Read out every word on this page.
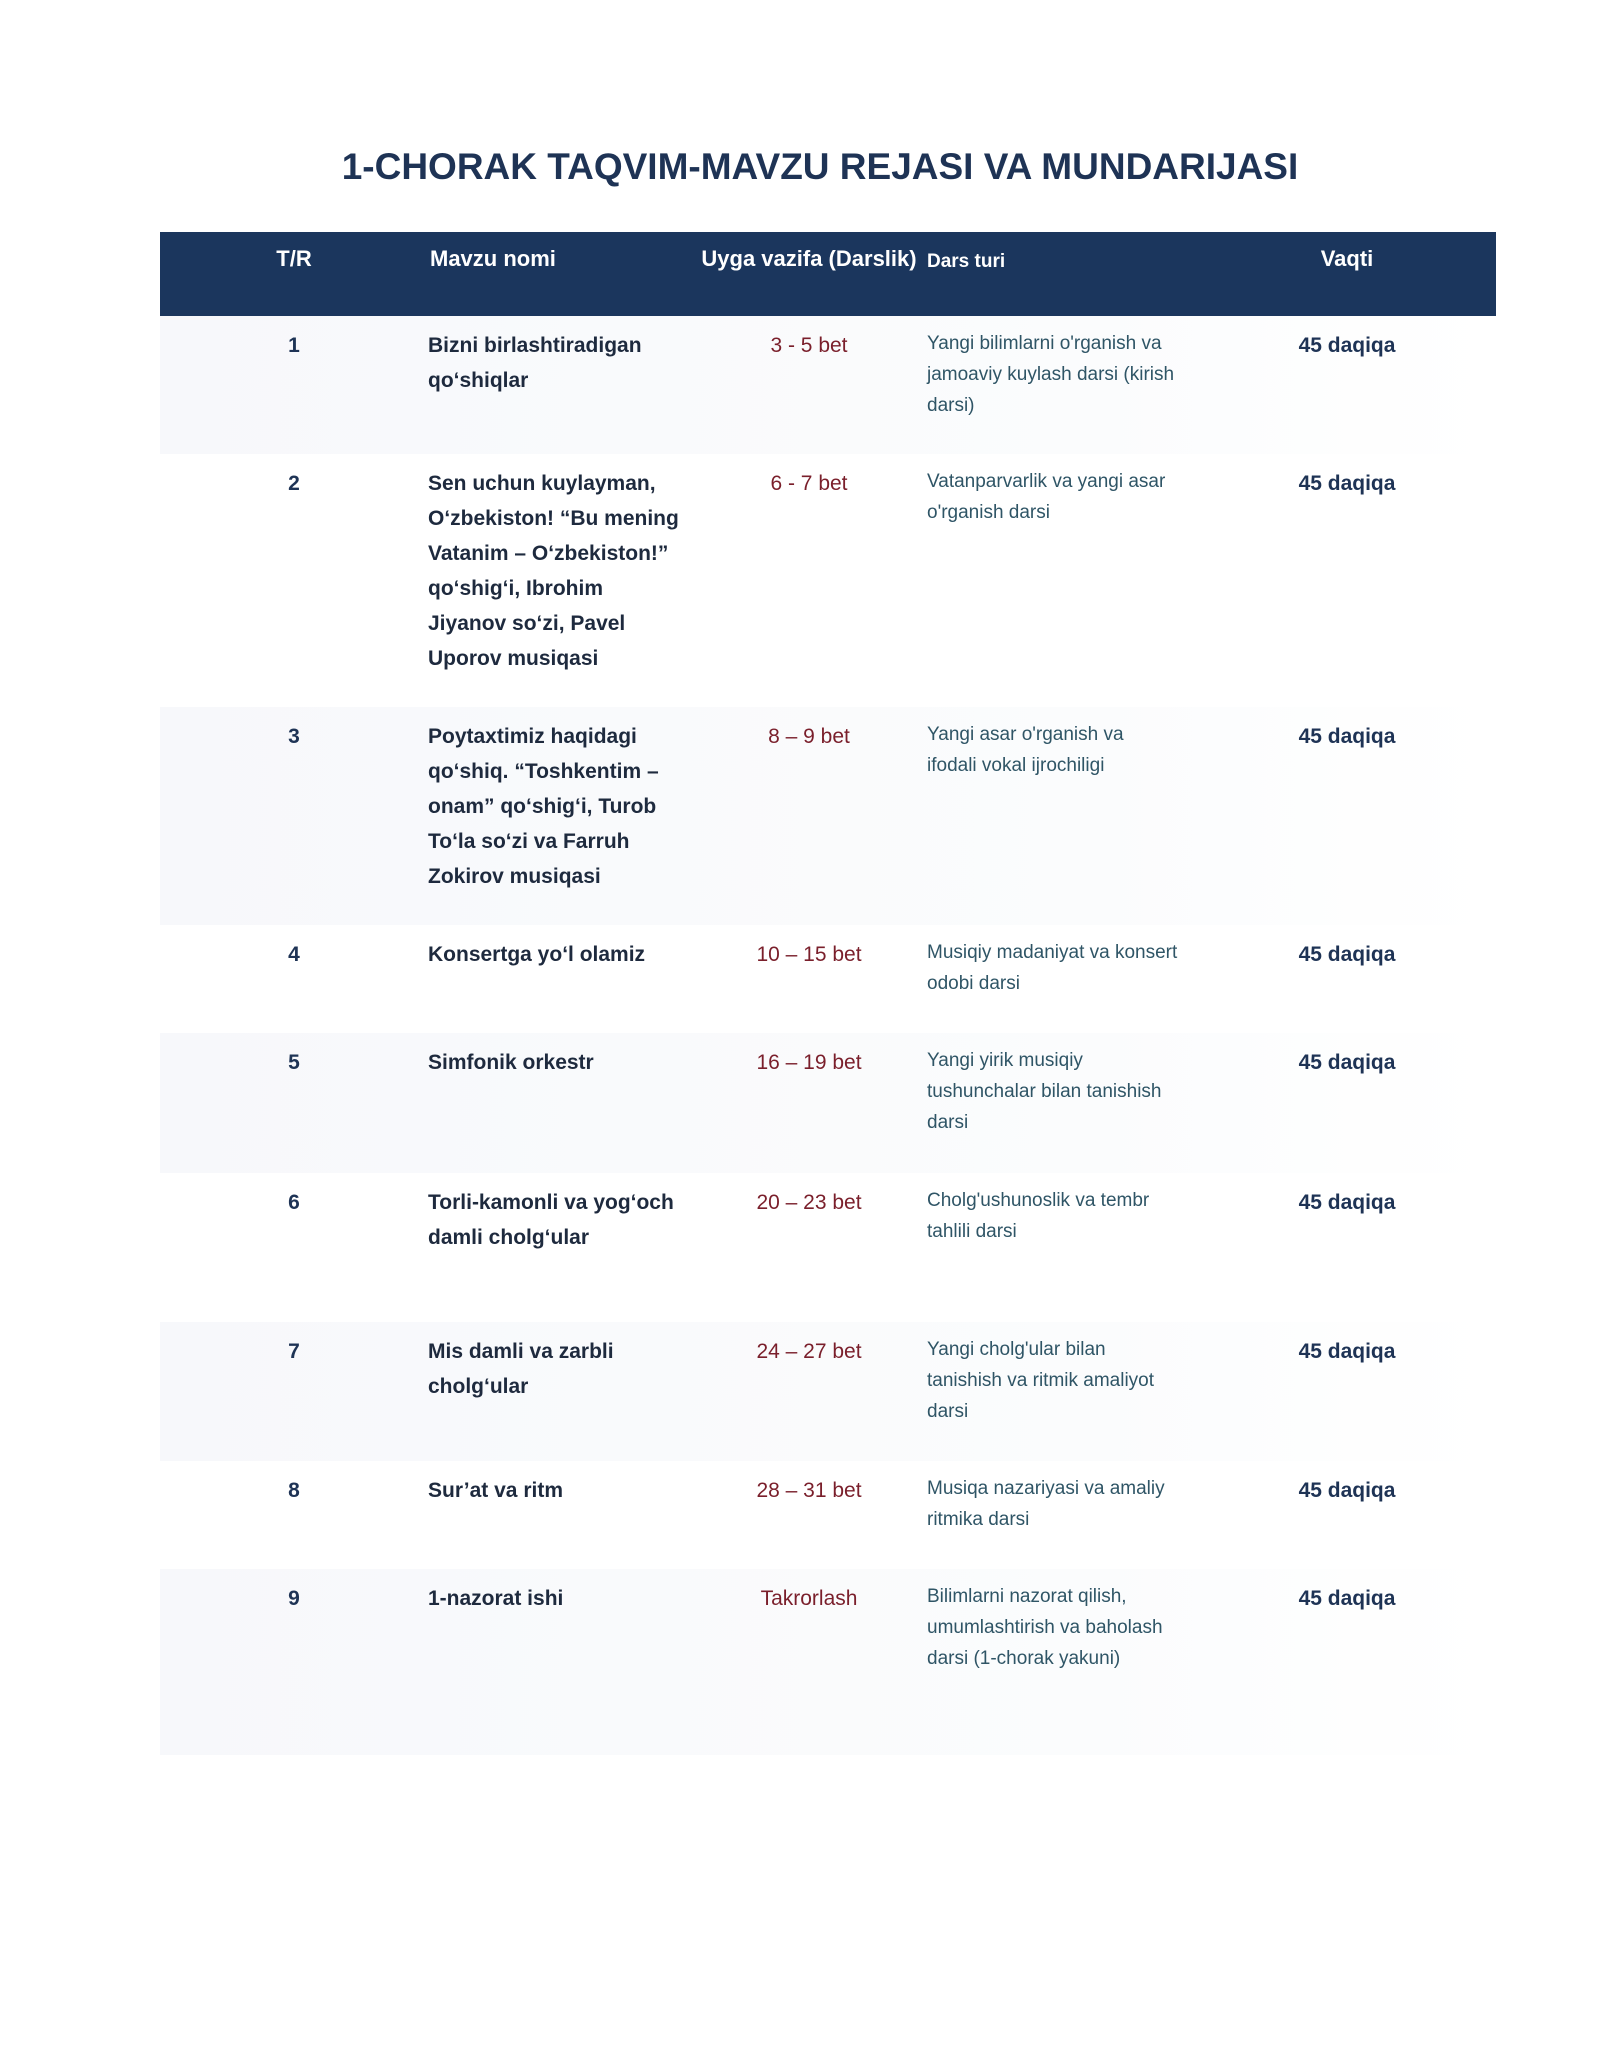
1-CHORAK TAQVIM-MAVZU REJASI VA MUNDARIJASI
T/R	Mavzu nomi	Uyga vazifa (Darslik)	Dars turi	Vaqti
1	Bizni birlashtiradigan qo‘shiqlar	3 - 5 bet	Yangi bilimlarni o'rganish va jamoaviy kuylash darsi (kirish darsi)	45 daqiqa
2	Sen uchun kuylayman, O‘zbekiston! “Bu mening Vatanim – O‘zbekiston!” qo‘shig‘i, Ibrohim Jiyanov so‘zi, Pavel Uporov musiqasi	6 - 7 bet	Vatanparvarlik va yangi asar o'rganish darsi	45 daqiqa
3	Poytaxtimiz haqidagi qo‘shiq. “Toshkentim – onam” qo‘shig‘i, Turob To‘la so‘zi va Farruh Zokirov musiqasi	8 – 9 bet	Yangi asar o'rganish va ifodali vokal ijrochiligi	45 daqiqa
4	Konsertga yo‘l olamiz	10 – 15 bet	Musiqiy madaniyat va konsert odobi darsi	45 daqiqa
5	Simfonik orkestr	16 – 19 bet	Yangi yirik musiqiy tushunchalar bilan tanishish darsi	45 daqiqa
6	Torli-kamonli va yog‘och damli cholg‘ular	20 – 23 bet	Cholg'ushunoslik va tembr tahlili darsi	45 daqiqa
7	Mis damli va zarbli cholg‘ular	24 – 27 bet	Yangi cholg'ular bilan tanishish va ritmik amaliyot darsi	45 daqiqa
8	Sur’at va ritm	28 – 31 bet	Musiqa nazariyasi va amaliy ritmika darsi	45 daqiqa
9	1-nazorat ishi	Takrorlash	Bilimlarni nazorat qilish, umumlashtirish va baholash darsi (1-chorak yakuni)	45 daqiqa
